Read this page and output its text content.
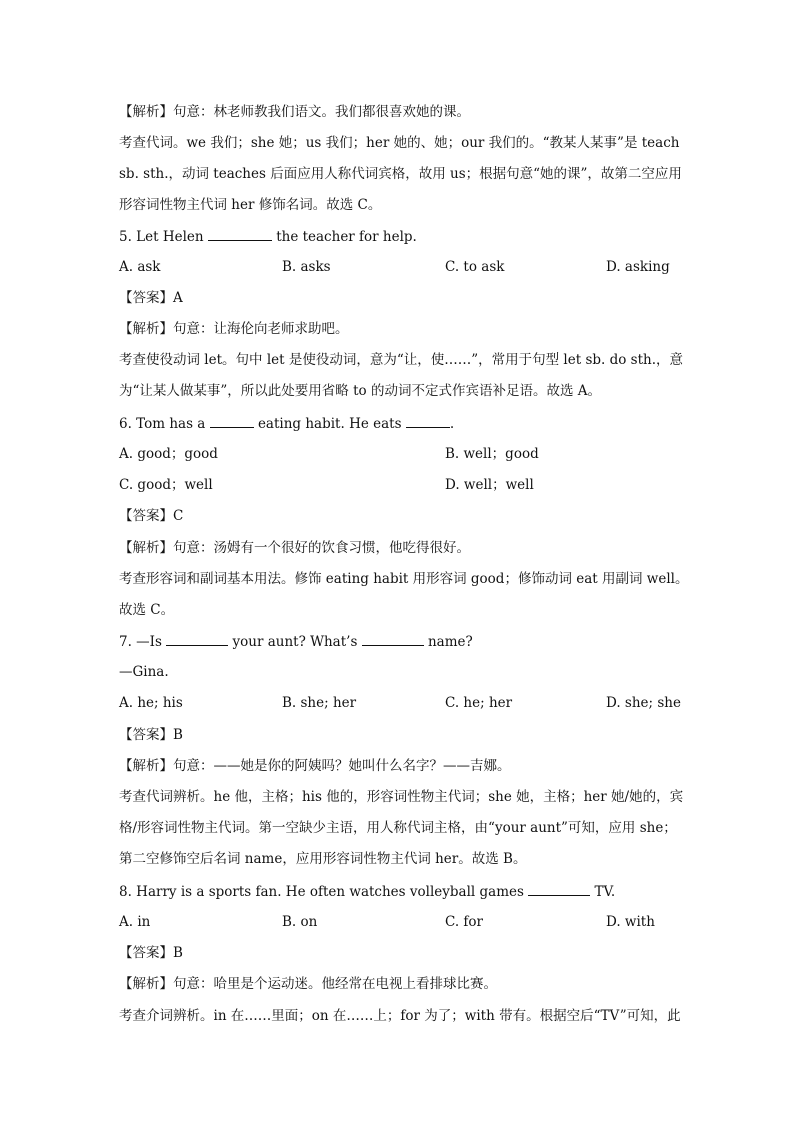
【解析】句意：林老师教我们语文。我们都很喜欢她的课。
考查代词。we 我们；she 她；us 我们；her 她的、她；our 我们的。“教某人某事”是 teach
sb. sth.，动词 teaches 后面应用人称代词宾格，故用 us；根据句意“她的课”，故第二空应用
形容词性物主代词 her 修饰名词。故选 C。
5. Let Helen	the teacher for help.
A. ask	B. asks	C. to ask	D. asking
【答案】A
【解析】句意：让海伦向老师求助吧。
考查使役动词 let。句中 let 是使役动词，意为“让，使……”，常用于句型 let sb. do sth.，意
为“让某人做某事”，所以此处要用省略 to 的动词不定式作宾语补足语。故选 A。
6. Tom has a	eating habit. He eats	.
A. good；good	B. well；good
C. good；well	D. well；well
【答案】C
【解析】句意：汤姆有一个很好的饮食习惯，他吃得很好。
考查形容词和副词基本用法。修饰 eating habit 用形容词 good；修饰动词 eat 用副词 well。
故选 C。
7. —Is	your aunt? What’s	name?
—Gina.
A. he; his	B. she; her	C. he; her	D. she; she
【答案】B
【解析】句意：——她是你的阿姨吗？她叫什么名字？——吉娜。
考查代词辨析。he 他，主格；his 他的，形容词性物主代词；she 她，主格；her 她/她的，宾
格/形容词性物主代词。第一空缺少主语，用人称代词主格，由“your aunt”可知，应用 she；
第二空修饰空后名词 name，应用形容词性物主代词 her。故选 B。
8. Harry is a sports fan. He often watches volleyball games	TV.
A. in	B. on	C. for	D. with
【答案】B
【解析】句意：哈里是个运动迷。他经常在电视上看排球比赛。
考查介词辨析。in 在……里面；on 在……上；for 为了；with 带有。根据空后“TV”可知，此
